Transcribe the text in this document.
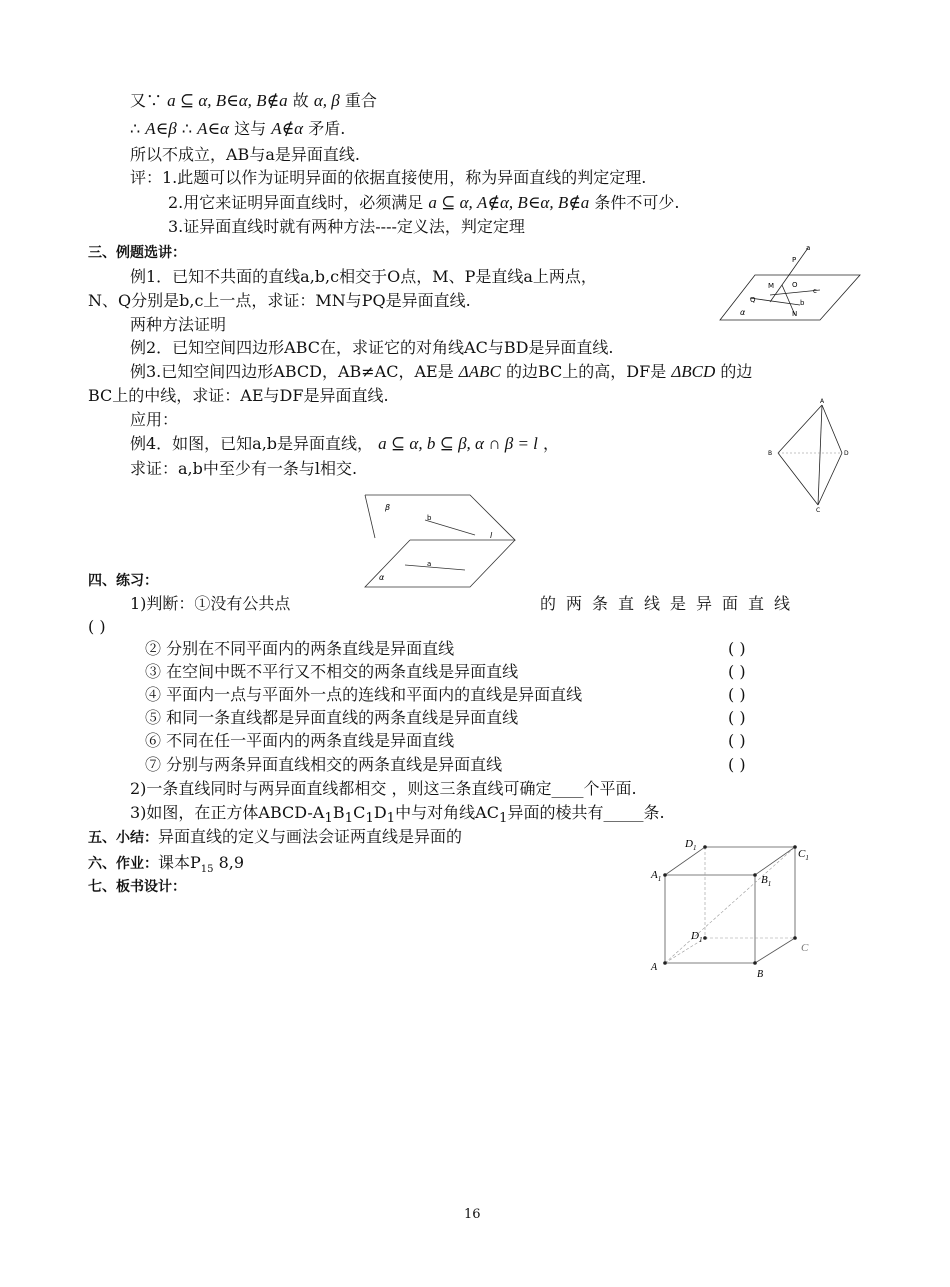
又∵ a ⊆ α, B∈α, B∉a 故 α, β 重合
∴ A∈β ∴ A∈α 这与 A∉α 矛盾.
所以不成立，AB与a是异面直线.
评：1.此题可以作为证明异面的依据直接使用，称为异面直线的判定定理.
2.用它来证明异面直线时，必须满足 a ⊆ α, A∉α, B∈α, B∉a 条件不可少.
3.证异面直线时就有两种方法----定义法，判定定理
三、例题选讲：
例1．已知不共面的直线a,b,c相交于O点，M、P是直线a上两点，
N、Q分别是b,c上一点，求证：MN与PQ是异面直线.
两种方法证明
例2．已知空间四边形ABC在，求证它的对角线AC与BD是异面直线.
例3.已知空间四边形ABCD，AB≠AC，AE是 ΔABC 的边BC上的高，DF是 ΔBCD 的边
BC上的中线，求证：AE与DF是异面直线.
应用：
例4．如图，已知a,b是异面直线， a ⊆ α, b ⊆ β, α ∩ β = l ，
求证：a,b中至少有一条与l相交.
四、练习：
1)判断：①没有公共点	的两条直线是异面直线
( )
② 分别在不同平面内的两条直线是异面直线	( )
③ 在空间中既不平行又不相交的两条直线是异面直线	( )
④ 平面内一点与平面外一点的连线和平面内的直线是异面直线	( )
⑤ 和同一条直线都是异面直线的两条直线是异面直线	( )
⑥ 不同在任一平面内的两条直线是异面直线	( )
⑦ 分别与两条异面直线相交的两条直线是异面直线	( )
2)一条直线同时与两异面直线都相交 ，则这三条直线可确定____个平面.
3)如图，在正方体ABCD-$A_1B_1C_1D_1$中与对角线$AC_1$异面的棱共有_____条.
五、小结：异面直线的定义与画法会证两直线是异面的
六、作业：课本$P_{15}$ 8,9
七、板书设计：
a
P
M	O
c
Q	b
N
α
A
B	D
C
β
b
l
a
α
$D_1$	$C_1$
$A_1$	$B_1$
$D_1$
C
A
B
16
